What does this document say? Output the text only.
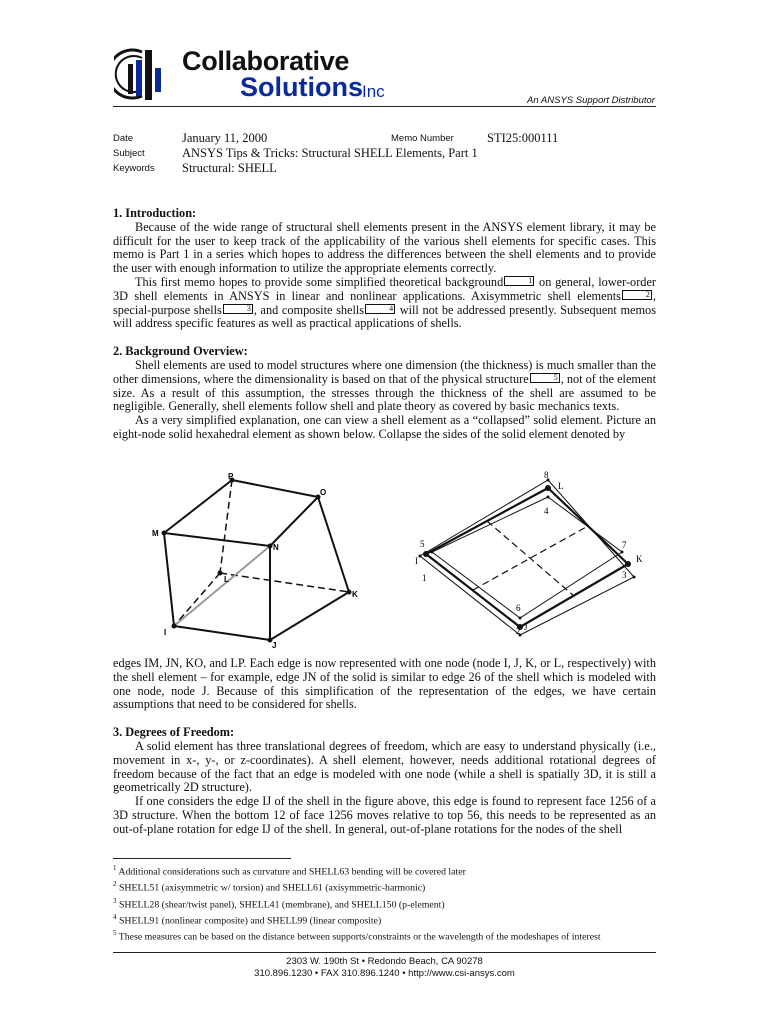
Collaborative
Solutions Inc	An ANSYS Support Distributor
Date	January 11, 2000	Memo Number	STI25:000111
Subject	ANSYS Tips & Tricks: Structural SHELL Elements, Part 1
Keywords Structural: SHELL

1. Introduction:

Because of the wide range of structural shell elements present in the ANSYS element library, it may be difficult for the user to keep track of the applicability of the various shell elements for specific cases. This memo is Part 1 in a series which hopes to address the differences between the shell elements and to provide the user with enough information to utilize the appropriate elements correctly.

This first memo hopes to provide some simplified theoretical background	1 on general, lower-order 3D shell elements in ANSYS in linear and nonlinear applications. Axisymmetric shell elements	2 , special-purpose shells	3 , and composite shells	4 will not be addressed presently. Subsequent memos will address specific features as well as practical applications of shells.

2. Background Overview:

Shell elements are used to model structures where one dimension (the thickness) is much smaller than the other dimensions, where the dimensionality is based on that of the physical structure	5 , not of the element size. As a result of this assumption, the stresses through the thickness of the shell are assumed to be negligible. Generally, shell elements follow shell and plate theory as covered by basic mechanics texts.

As a very simplified explanation, one can view a shell element as a “collapsed” solid element. Picture an eight-node solid hexahedral element as shown below. Collapse the sides of the solid element denoted by

P
O
M
N
L
K
I
J
8
L
4
5
I
1
7
K
3
6
J
2

edges IM, JN, KO, and LP. Each edge is now represented with one node (node I, J, K, or L, respectively) with the shell element – for example, edge JN of the solid is similar to edge 26 of the shell which is modeled with one node, node J. Because of this simplification of the representation of the edges, we have certain assumptions that need to be considered for shells.

3. Degrees of Freedom:

A solid element has three translational degrees of freedom, which are easy to understand physically (i.e., movement in x-, y-, or z-coordinates). A shell element, however, needs additional rotational degrees of freedom because of the fact that an edge is modeled with one node (while a shell is spatially 3D, it is still a geometrically 2D structure).

If one considers the edge IJ of the shell in the figure above, this edge is found to represent face 1256 of a 3D structure. When the bottom 12 of face 1256 moves relative to top 56, this needs to be represented as an out-of-plane rotation for edge IJ of the shell. In general, out-of-plane rotations for the nodes of the shell

$^1$ Additional considerations such as curvature and SHELL63 bending will be covered later
$^2$ SHELL51 (axisymmetric w/ torsion) and SHELL61 (axisymmetric-harmonic)
$^3$ SHELL28 (shear/twist panel), SHELL41 (membrane), and SHELL150 (p-element)
$^4$ SHELL91 (nonlinear composite) and SHELL99 (linear composite)
$^5$ These measures can be based on the distance between supports/constraints or the wavelength of the modeshapes of interest
2303 W. 190th St • Redondo Beach, CA 90278
310.896.1230 • FAX 310.896.1240 • http://www.csi-ansys.com
